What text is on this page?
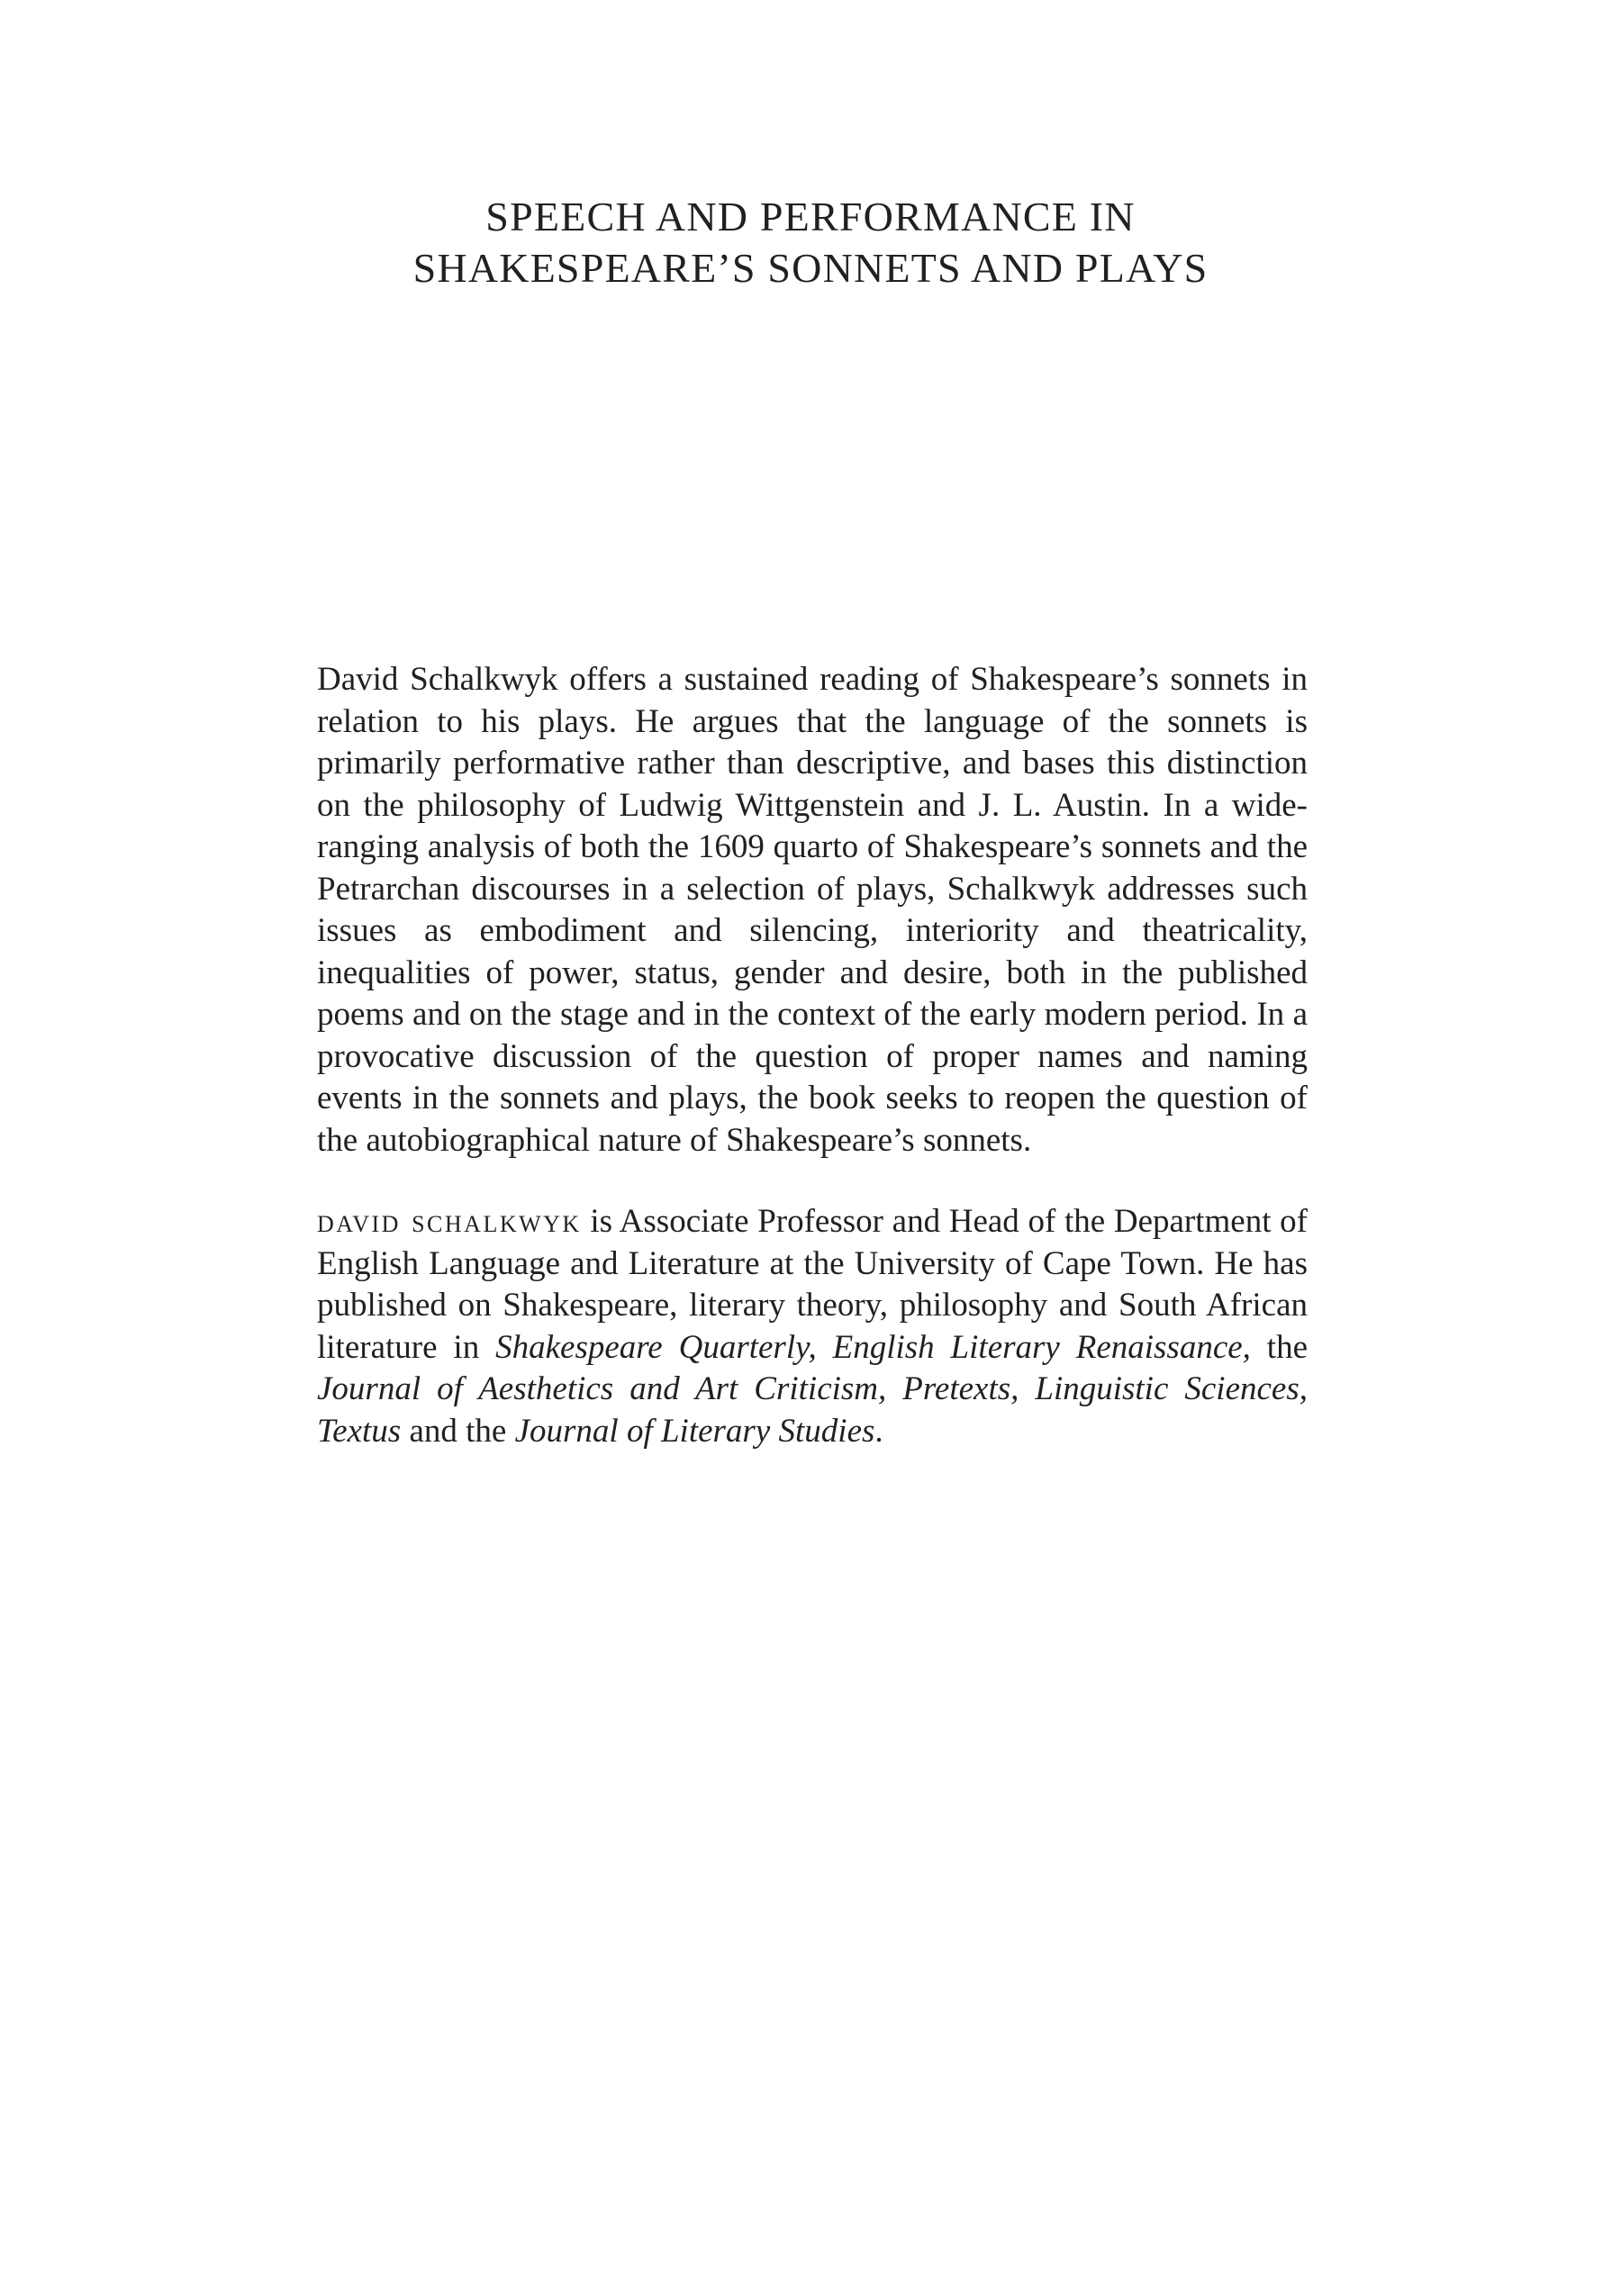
SPEECH AND PERFORMANCE IN
SHAKESPEARE’S SONNETS AND PLAYS

David Schalkwyk offers a sustained reading of Shakespeare’s sonnets in relation to his plays. He argues that the language of the sonnets is primarily performative rather than descriptive, and bases this distinction on the philosophy of Ludwig Wittgenstein and J. L. Austin. In a wide-ranging analysis of both the 1609 quarto of Shakespeare’s sonnets and the Petrarchan discourses in a selection of plays, Schalkwyk addresses such issues as embodiment and silencing, interiority and theatricality, inequalities of power, status, gender and desire, both in the published poems and on the stage and in the context of the early modern period. In a provocative discussion of the question of proper names and naming events in the sonnets and plays, the book seeks to reopen the question of the autobiographical nature of Shakespeare’s sonnets.

david schalkwyk is Associate Professor and Head of the Department of English Language and Literature at the University of Cape Town. He has published on Shakespeare, literary theory, philosophy and South African literature in Shakespeare Quarterly, English Literary Renaissance, the Journal of Aesthetics and Art Criticism, Pretexts, Linguistic Sciences, Textus and the Journal of Literary Studies.
